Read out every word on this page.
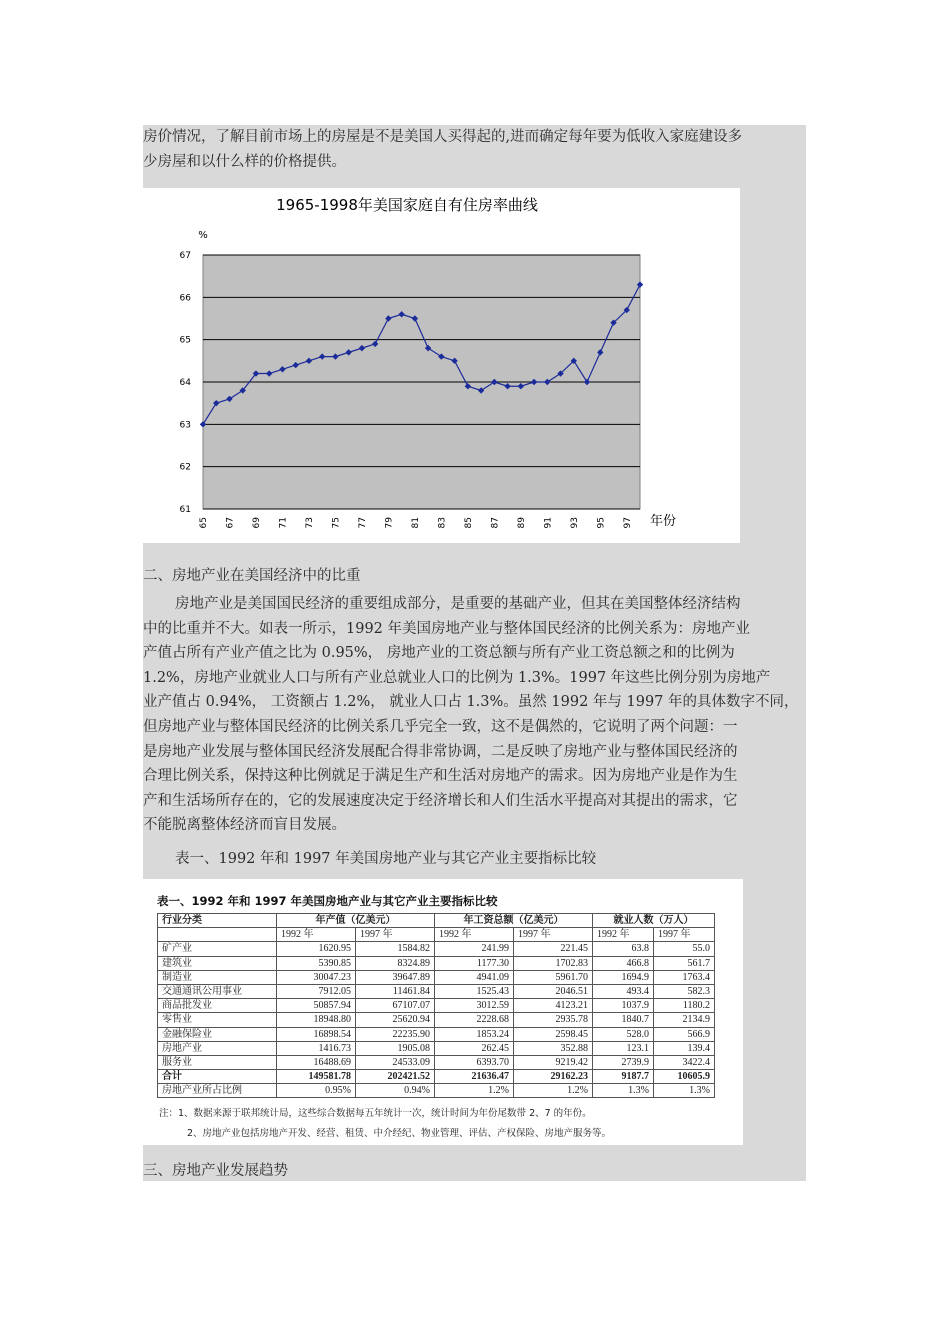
房价情况，了解目前市场上的房屋是不是美国人买得起的,进而确定每年要为低收入家庭建设多
少房屋和以什么样的价格提供。
1965-1998年美国家庭自有住房率曲线
%
61
62
63
64
65
66
67
65 67 69 71 73 75 77 79 81 83 85 87 89 91 93 95 97 年份
二、房地产业在美国经济中的比重
房地产业是美国国民经济的重要组成部分，是重要的基础产业，但其在美国整体经济结构
中的比重并不大。如表一所示，1992 年美国房地产业与整体国民经济的比例关系为：房地产业
产值占所有产业产值之比为 0.95%， 房地产业的工资总额与所有产业工资总额之和的比例为
1.2%，房地产业就业人口与所有产业总就业人口的比例为 1.3%。1997 年这些比例分别为房地产
业产值占 0.94%， 工资额占 1.2%， 就业人口占 1.3%。虽然 1992 年与 1997 年的具体数字不同，
但房地产业与整体国民经济的比例关系几乎完全一致，这不是偶然的，它说明了两个问题：一
是房地产业发展与整体国民经济发展配合得非常协调，二是反映了房地产业与整体国民经济的
合理比例关系，保持这种比例就足于满足生产和生活对房地产的需求。因为房地产业是作为生
产和生活场所存在的，它的发展速度决定于经济增长和人们生活水平提高对其提出的需求，它
不能脱离整体经济而盲目发展。
表一、1992 年和 1997 年美国房地产业与其它产业主要指标比较
表一、1992 年和 1997 年美国房地产业与其它产业主要指标比较
行业分类	年产值（亿美元）		年工资总额（亿美元）		就业人数（万人）	
	1992 年	1997 年	1992 年	1997 年	1992 年	1997 年
矿产业	1620.95	1584.82	241.99	221.45	63.8	55.0
建筑业	5390.85	8324.89	1177.30	1702.83	466.8	561.7
制造业	30047.23	39647.89	4941.09	5961.70	1694.9	1763.4
交通通讯公用事业	7912.05	11461.84	1525.43	2046.51	493.4	582.3
商品批发业	50857.94	67107.07	3012.59	4123.21	1037.9	1180.2
零售业	18948.80	25620.94	2228.68	2935.78	1840.7	2134.9
金融保险业	16898.54	22235.90	1853.24	2598.45	528.0	566.9
房地产业	1416.73	1905.08	262.45	352.88	123.1	139.4
服务业	16488.69	24533.09	6393.70	9219.42	2739.9	3422.4
合计	149581.78	202421.52	21636.47	29162.23	9187.7	10605.9
房地产业所占比例	0.95%	0.94%	1.2%	1.2%	1.3%	1.3%
注：1、数据来源于联邦统计局，这些综合数据每五年统计一次，统计时间为年份尾数带 2、7 的年份。
2、房地产业包括房地产开发、经营、租赁、中介经纪、物业管理、评估、产权保险、房地产服务等。
三、房地产业发展趋势
